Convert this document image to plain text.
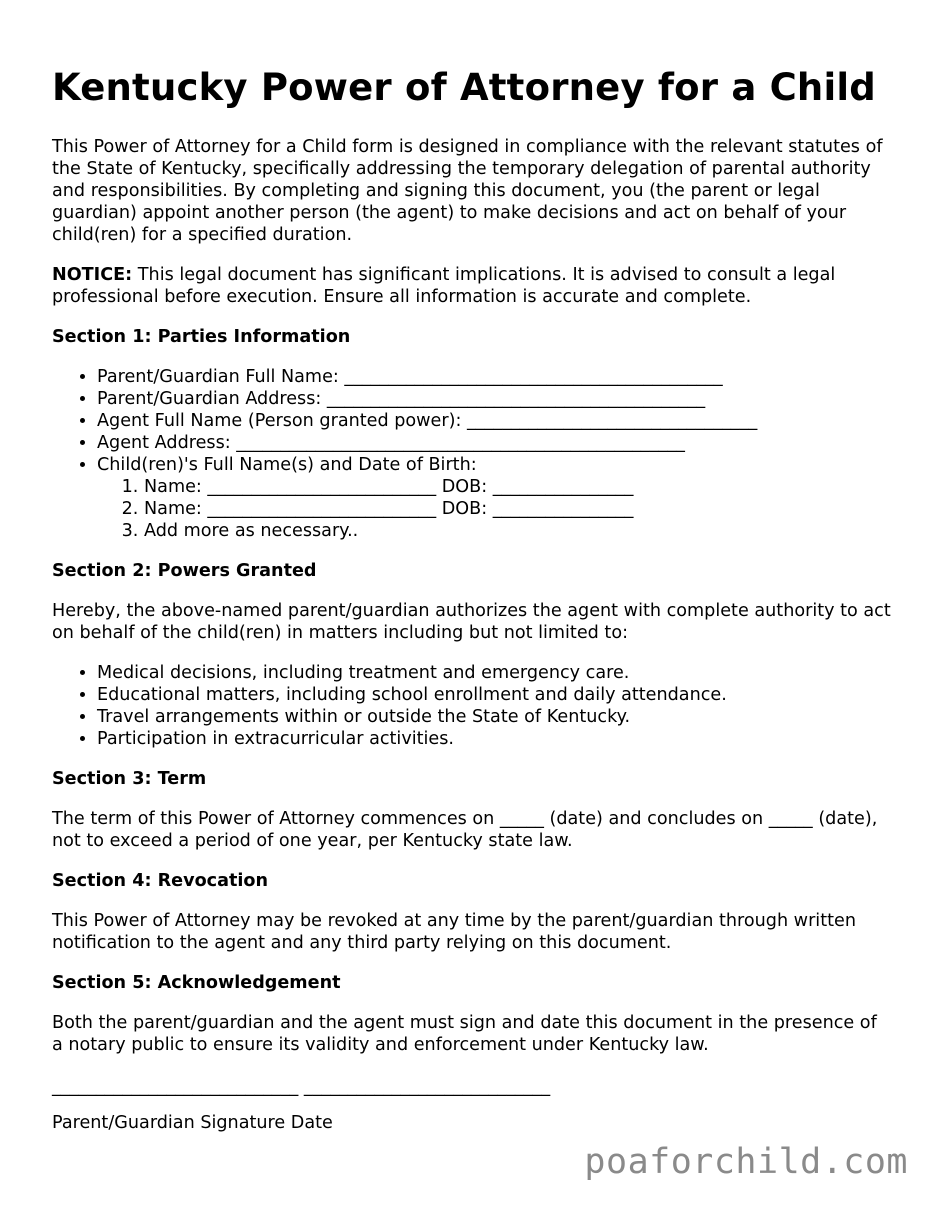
Kentucky Power of Attorney for a Child

This Power of Attorney for a Child form is designed in compliance with the relevant statutes of the State of Kentucky, specifically addressing the temporary delegation of parental authority and responsibilities. By completing and signing this document, you (the parent or legal guardian) appoint another person (the agent) to make decisions and act on behalf of your child(ren) for a specified duration.

NOTICE: This legal document has significant implications. It is advised to consult a legal professional before execution. Ensure all information is accurate and complete.

Section 1: Parties Information
• Parent/Guardian Full Name: ___________________________________________
• Parent/Guardian Address: ___________________________________________
• Agent Full Name (Person granted power): _________________________________
• Agent Address: ___________________________________________________
• Child(ren)'s Full Name(s) and Date of Birth:
1. Name: __________________________ DOB: ________________
2. Name: __________________________ DOB: ________________
3. Add more as necessary..
Section 2: Powers Granted

Hereby, the above-named parent/guardian authorizes the agent with complete authority to act on behalf of the child(ren) in matters including but not limited to:

• Medical decisions, including treatment and emergency care.
• Educational matters, including school enrollment and daily attendance.
• Travel arrangements within or outside the State of Kentucky.
• Participation in extracurricular activities.
Section 3: Term

The term of this Power of Attorney commences on _____ (date) and concludes on _____ (date), not to exceed a period of one year, per Kentucky state law.

Section 4: Revocation

This Power of Attorney may be revoked at any time by the parent/guardian through written notification to the agent and any third party relying on this document.

Section 5: Acknowledgement

Both the parent/guardian and the agent must sign and date this document in the presence of a notary public to ensure its validity and enforcement under Kentucky law.

____________________________ ____________________________

Parent/Guardian Signature Date

poaforchild.com
